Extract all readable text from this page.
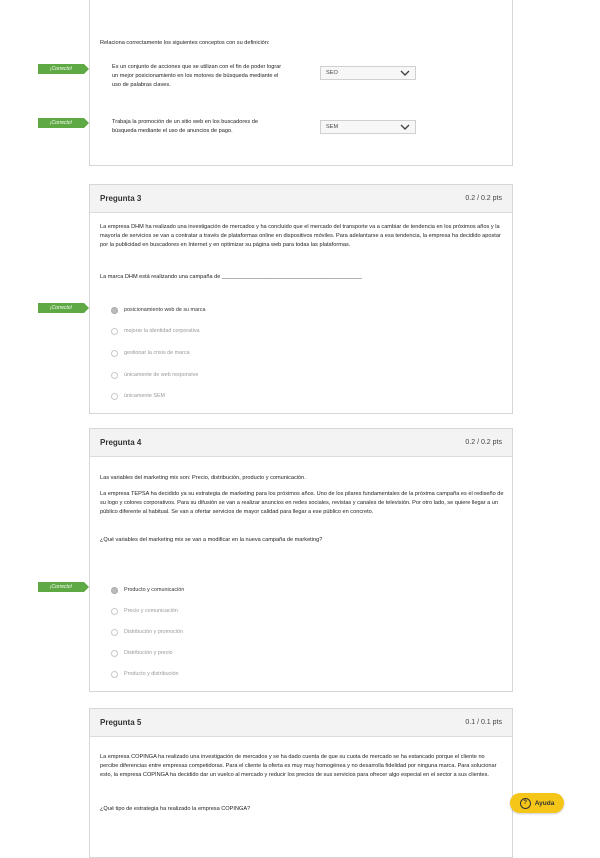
Relaciona correctamente los siguientes conceptos con su definición:
Es un conjunto de acciones que se utilizan con el fin de poder lograr un mejor posicionamiento en los motores de búsqueda mediante el uso de palabras claves.
SEO
Trabaja la promoción de un sitio web en los buscadores de búsqueda mediante el uso de anuncios de pago.
SEM
¡Correcto!
¡Correcto!
Pregunta 3	0.2 / 0.2 pts
La empresa DHM ha realizado una investigación de mercados y ha concluido que el mercado del transporte va a cambiar de tendencia en los próximos años y la mayoría de servicios se van a contratar a través de plataformas online en dispositivos móviles. Para adelantarse a esa tendencia, la empresa ha decidido apostar por la publicidad en buscadores en Internet y en optimizar su página web para todas las plataformas.
La marca DHM está realizando una campaña de _____________________________________________
¡Correcto!	posicionamiento web de su marca
mejorar la identidad corporativa
gestionar la crisis de marca
únicamente de web responsive
únicamente SEM
Pregunta 4	0.2 / 0.2 pts
Las variables del marketing mix son: Precio, distribución, producto y comunicación.
La empresa TEPSA ha decidido ya su estrategia de marketing para los próximos años. Uno de los pilares fundamentales de la próxima campaña es el rediseño de su logo y colores corporativos. Para su difusión se van a realizar anuncios en redes sociales, revistas y canales de televisión. Por otro lado, se quiere llegar a un público diferente al habitual. Se van a ofertar servicios de mayor calidad para llegar a ese público en concreto.
¿Qué variables del marketing mix se van a modificar en la nueva campaña de marketing?
¡Correcto!	Producto y comunicación
Precio y comunicación
Distribución y promoción
Distribución y precio
Producto y distribución
Pregunta 5	0.1 / 0.1 pts
La empresa COPINGA ha realizado una investigación de mercados y se ha dado cuenta de que su cuota de mercado se ha estancado porque el cliente no percibe diferencias entre empresas competidoras. Para el cliente la oferta es muy muy homogénea y no desarrolla fidelidad por ninguna marca. Para solucionar esto, la empresa COPINGA ha decidido dar un vuelco al mercado y reducir los precios de sus servicios para ofrecer algo especial en el sector a sus clientes.
¿Qué tipo de estrategia ha realizado la empresa COPINGA?
?	Ayuda
